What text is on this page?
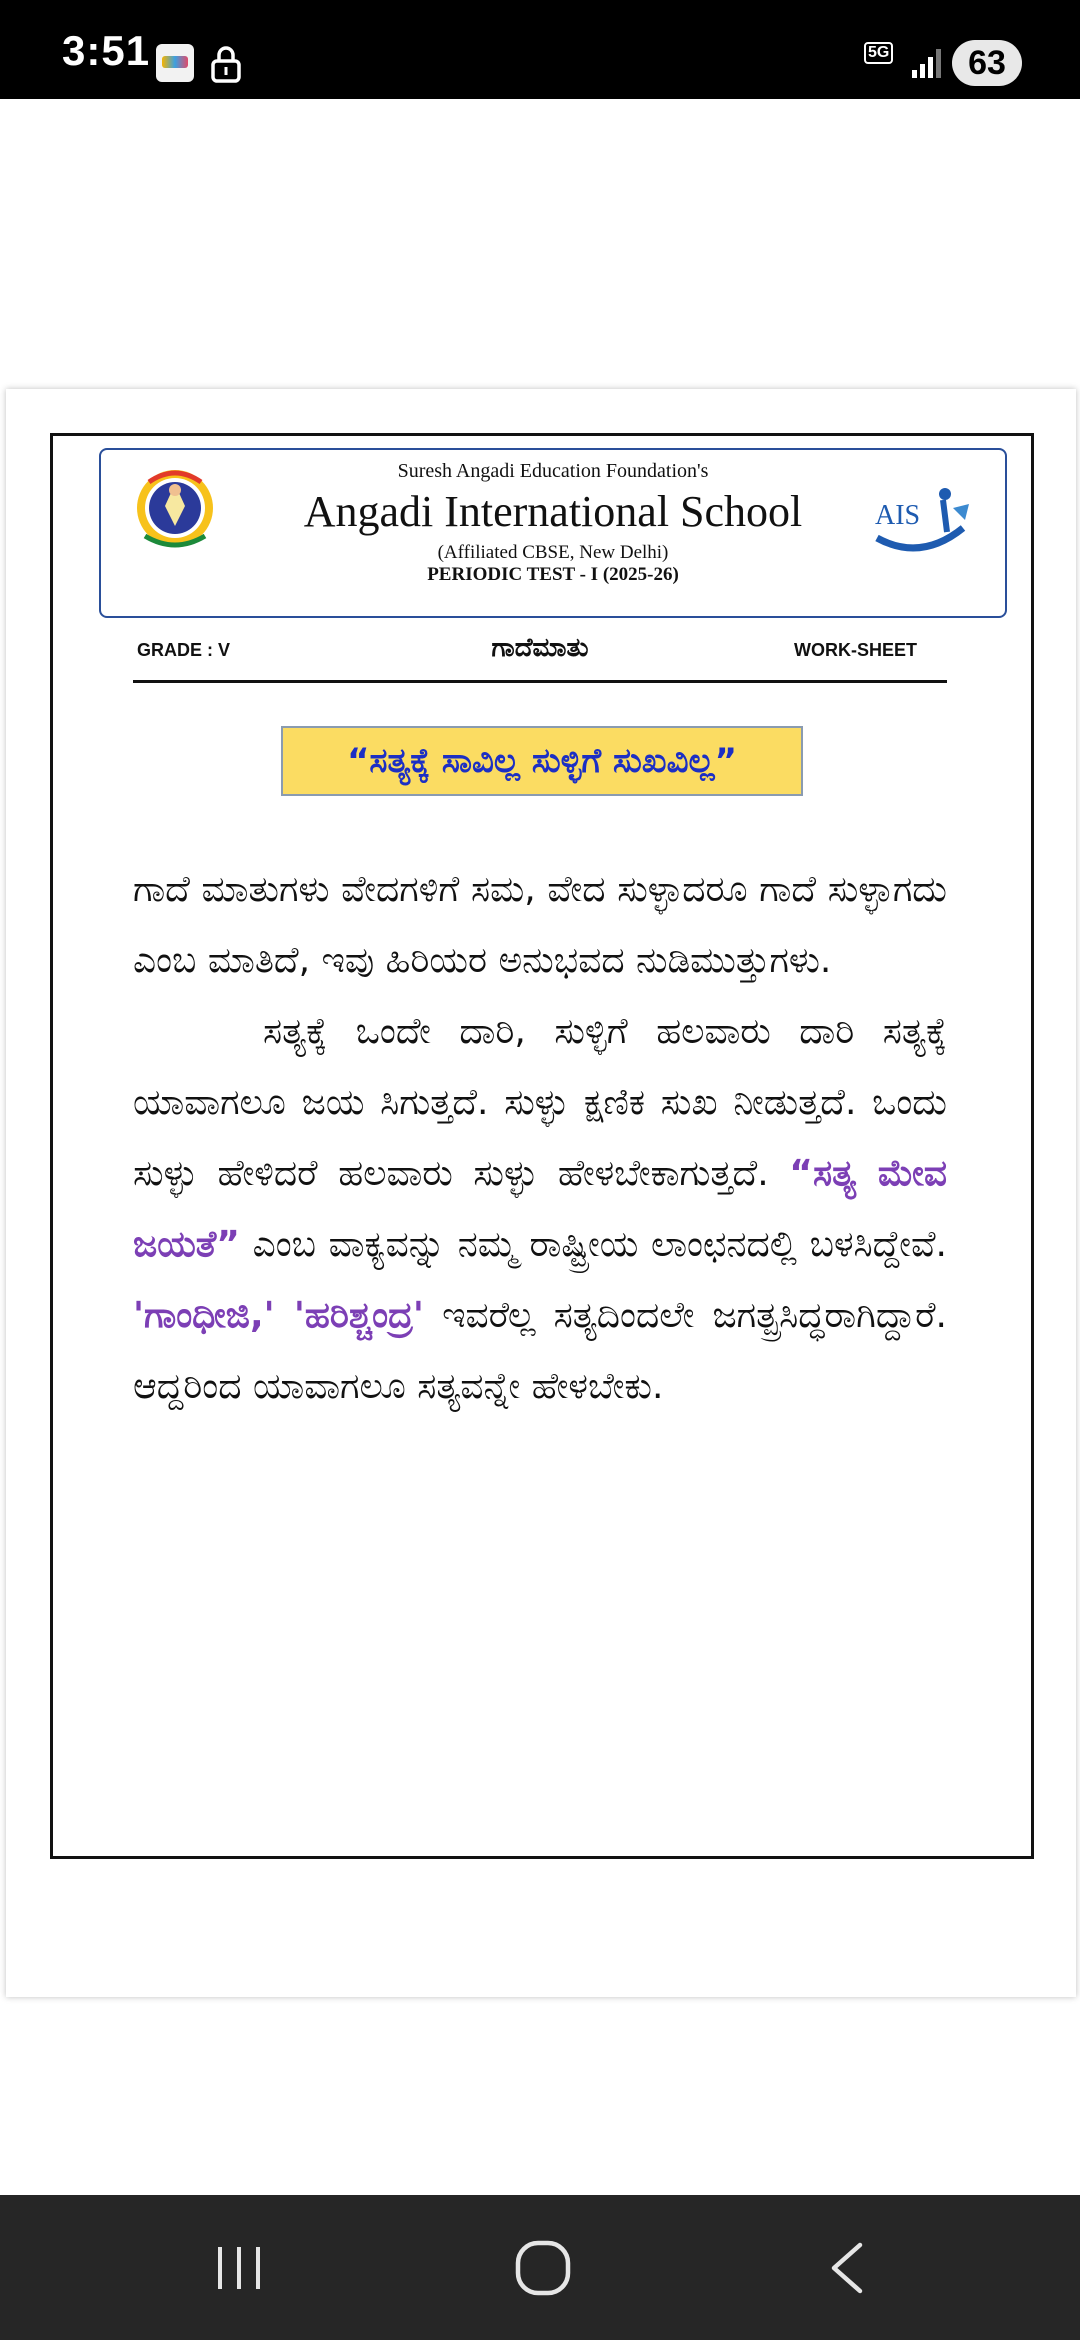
3:51	5G	63
Suresh Angadi Education Foundation's
Angadi International School
(Affiliated CBSE, New Delhi)
PERIODIC TEST - I (2025-26)
AIS
ಗಾದೆಮಾತು
GRADE : V	WORK-SHEET
“ಸತ್ಯಕ್ಕೆ ಸಾವಿಲ್ಲ ಸುಳ್ಳಿಗೆ ಸುಖವಿಲ್ಲ”

ಗಾದೆ ಮಾತುಗಳು ವೇದಗಳಿಗೆ ಸಮ, ವೇದ ಸುಳ್ಳಾದರೂ ಗಾದೆ ಸುಳ್ಳಾಗದು ಎಂಬ ಮಾತಿದೆ, ಇವು ಹಿರಿಯರ ಅನುಭವದ ನುಡಿಮುತ್ತುಗಳು.

ಸತ್ಯಕ್ಕೆ ಒಂದೇ ದಾರಿ, ಸುಳ್ಳಿಗೆ ಹಲವಾರು ದಾರಿ ಸತ್ಯಕ್ಕೆ ಯಾವಾಗಲೂ ಜಯ ಸಿಗುತ್ತದೆ. ಸುಳ್ಳು ಕ್ಷಣಿಕ ಸುಖ ನೀಡುತ್ತದೆ. ಒಂದು ಸುಳ್ಳು ಹೇಳಿದರೆ ಹಲವಾರು ಸುಳ್ಳು ಹೇಳಬೇಕಾಗುತ್ತದೆ. “ಸತ್ಯ ಮೇವ ಜಯತೆ” ಎಂಬ ವಾಕ್ಯವನ್ನು ನಮ್ಮ ರಾಷ್ಟ್ರೀಯ ಲಾಂಛನದಲ್ಲಿ ಬಳಸಿದ್ದೇವೆ. 'ಗಾಂಧೀಜಿ,' 'ಹರಿಶ್ಚಂದ್ರ' ಇವರೆಲ್ಲ ಸತ್ಯದಿಂದಲೇ ಜಗತ್ಪ್ರಸಿದ್ಧರಾಗಿದ್ದಾರೆ. ಆದ್ದರಿಂದ ಯಾವಾಗಲೂ ಸತ್ಯವನ್ನೇ ಹೇಳಬೇಕು.
